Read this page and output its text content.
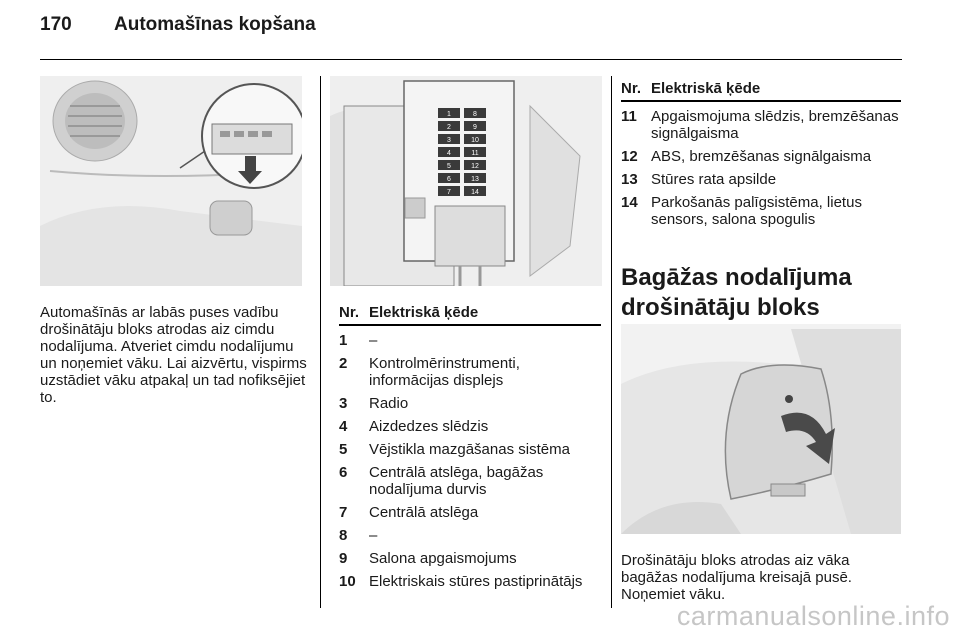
170 Automašīnas kopšana
Automašīnās ar labās puses vadību drošinātāju bloks atrodas aiz cimdu nodalījuma. Atveriet cimdu nodalījumu un noņemiet vāku. Lai aizvērtu, vispirms uzstādiet vāku atpakaļ un tad nofiksējiet to.
1	8
2	9
3	10
4	11
5	12
6	13
7	14
Nr. Elektriskā ķēde
1	–
2	Kontrolmērinstrumenti, informācijas displejs
3	Radio
4	Aizdedzes slēdzis
5	Vējstikla mazgāšanas sistēma
6	Centrālā atslēga, bagāžas nodalījuma durvis
7	Centrālā atslēga
8	–
9	Salona apgaismojums
10 Elektriskais stūres pastiprinātājs
Nr. Elektriskā ķēde
11 Apgaismojuma slēdzis, bremzēšanas signālgaisma
12 ABS, bremzēšanas signālgaisma
13 Stūres rata apsilde
14 Parkošanās palīgsistēma, lietus sensors, salona spogulis
Bagāžas nodalījuma drošinātāju bloks
Drošinātāju bloks atrodas aiz vāka bagāžas nodalījuma kreisajā pusē. Noņemiet vāku.
carmanualsonline.info
